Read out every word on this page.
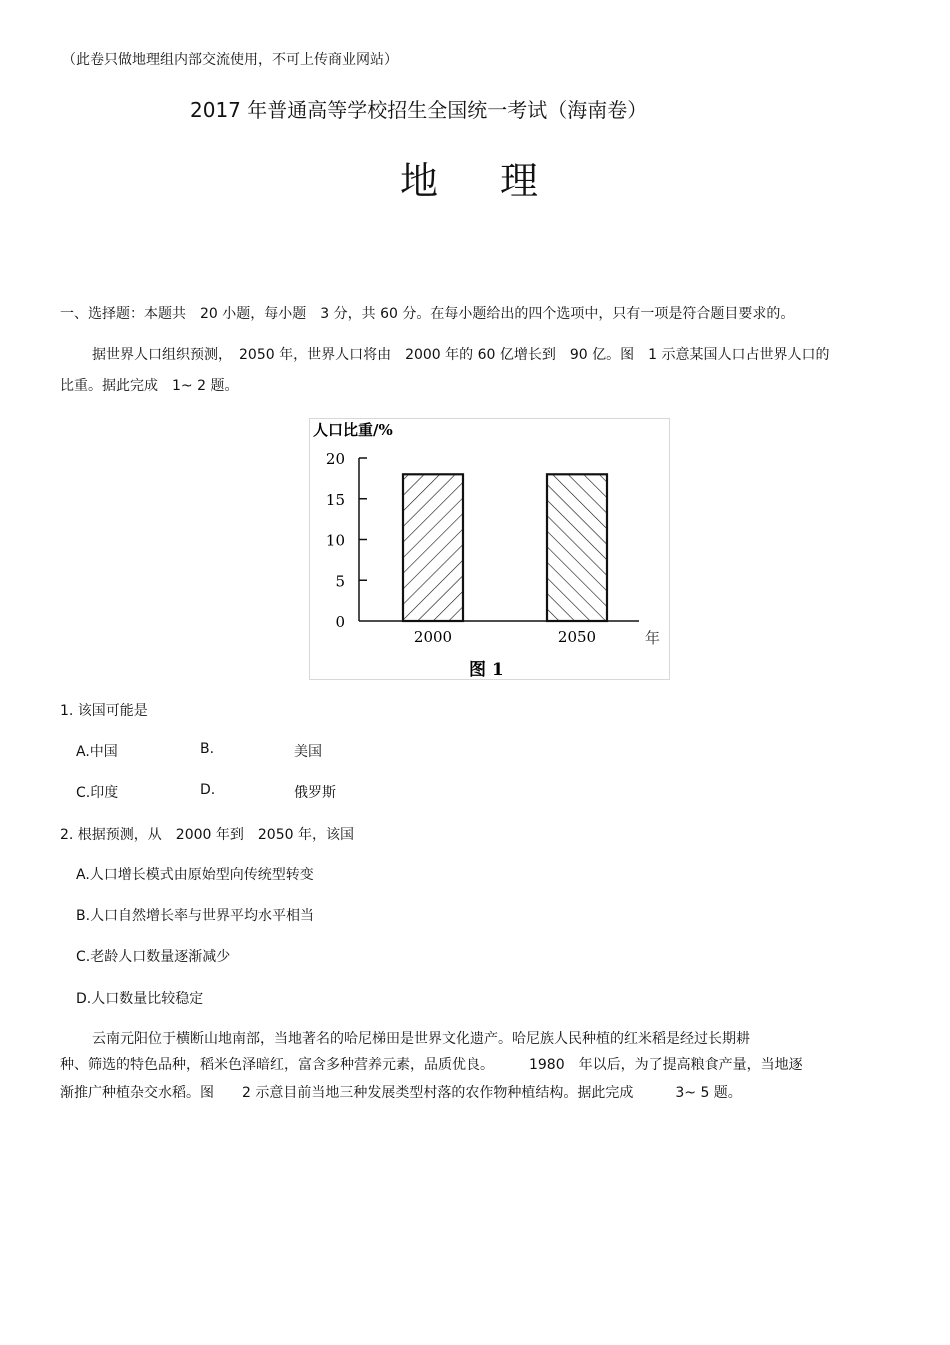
（此卷只做地理组内部交流使用，不可上传商业网站）
2017 年普通高等学校招生全国统一考试（海南卷）
地 理
一、选择题：本题共　20 小题，每小题　3 分，共 60 分。在每小题给出的四个选项中，只有一项是符合题目要求的。
据世界人口组织预测，　2050 年，世界人口将由　2000 年的 60 亿增长到　90 亿。图　1 示意某国人口占世界人口的
比重。据此完成　1~ 2 题。
人口比重/%
0
5
10
15
20
2000	2050	年
图 1
1. 该国可能是
A.中国	B.	美国
C.印度	D.	俄罗斯
2. 根据预测，从　2000 年到　2050 年，该国
A.人口增长模式由原始型向传统型转变
B.人口自然增长率与世界平均水平相当
C.老龄人口数量逐渐减少
D.人口数量比较稳定
云南元阳位于横断山地南部，当地著名的哈尼梯田是世界文化遗产。哈尼族人民种植的红米稻是经过长期耕
种、筛选的特色品种，稻米色泽暗红，富含多种营养元素，品质优良。　　　1980　年以后，为了提高粮食产量，当地逐
渐推广种植杂交水稻。图　　2 示意目前当地三种发展类型村落的农作物种植结构。据此完成　　　3~ 5 题。
